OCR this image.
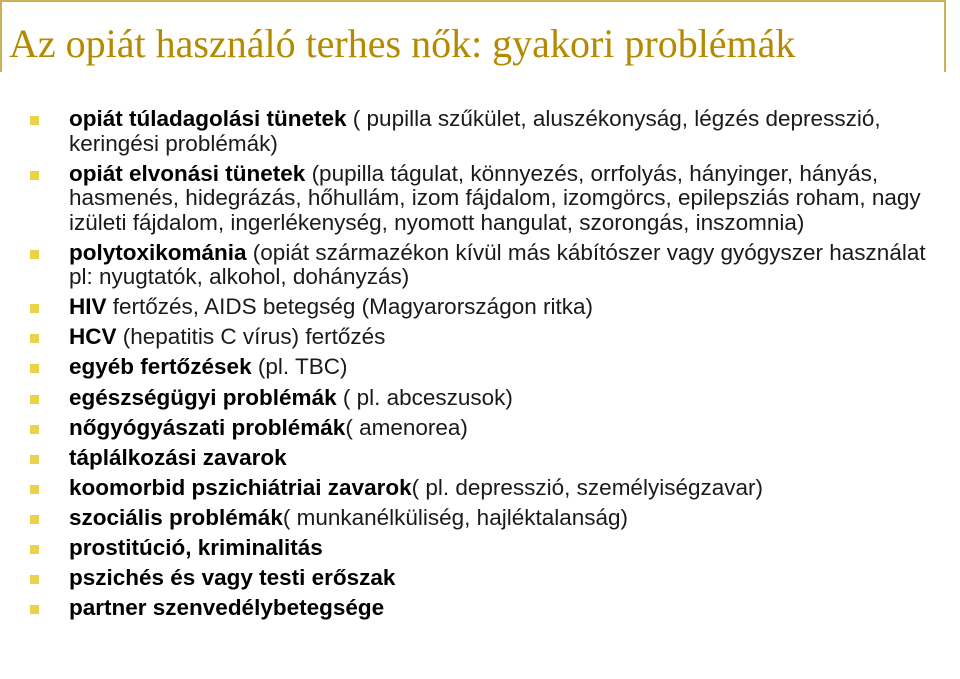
Az opiát használó terhes nők: gyakori problémák
opiát túladagolási tünetek ( pupilla szűkület, aluszékonyság, légzés depresszió, keringési problémák)
opiát elvonási tünetek (pupilla tágulat, könnyezés, orrfolyás, hányinger, hányás, hasmenés, hidegrázás, hőhullám, izom fájdalom, izomgörcs, epilepsziás roham, nagy izületi fájdalom, ingerlékenység, nyomott hangulat, szorongás, inszomnia)
polytoxikománia (opiát származékon kívül más kábítószer vagy gyógyszer használat pl: nyugtatók, alkohol, dohányzás)
HIV fertőzés, AIDS betegség (Magyarországon ritka)
HCV (hepatitis C vírus) fertőzés
egyéb fertőzések (pl. TBC)
egészségügyi problémák ( pl. abceszusok)
nőgyógyászati problémák( amenorea)
táplálkozási zavarok
koomorbid pszichiátriai zavarok( pl. depresszió, személyiségzavar)
szociális problémák( munkanélküliség, hajléktalanság)
prostitúció, kriminalitás
pszichés és vagy testi erőszak
partner szenvedélybetegsége
